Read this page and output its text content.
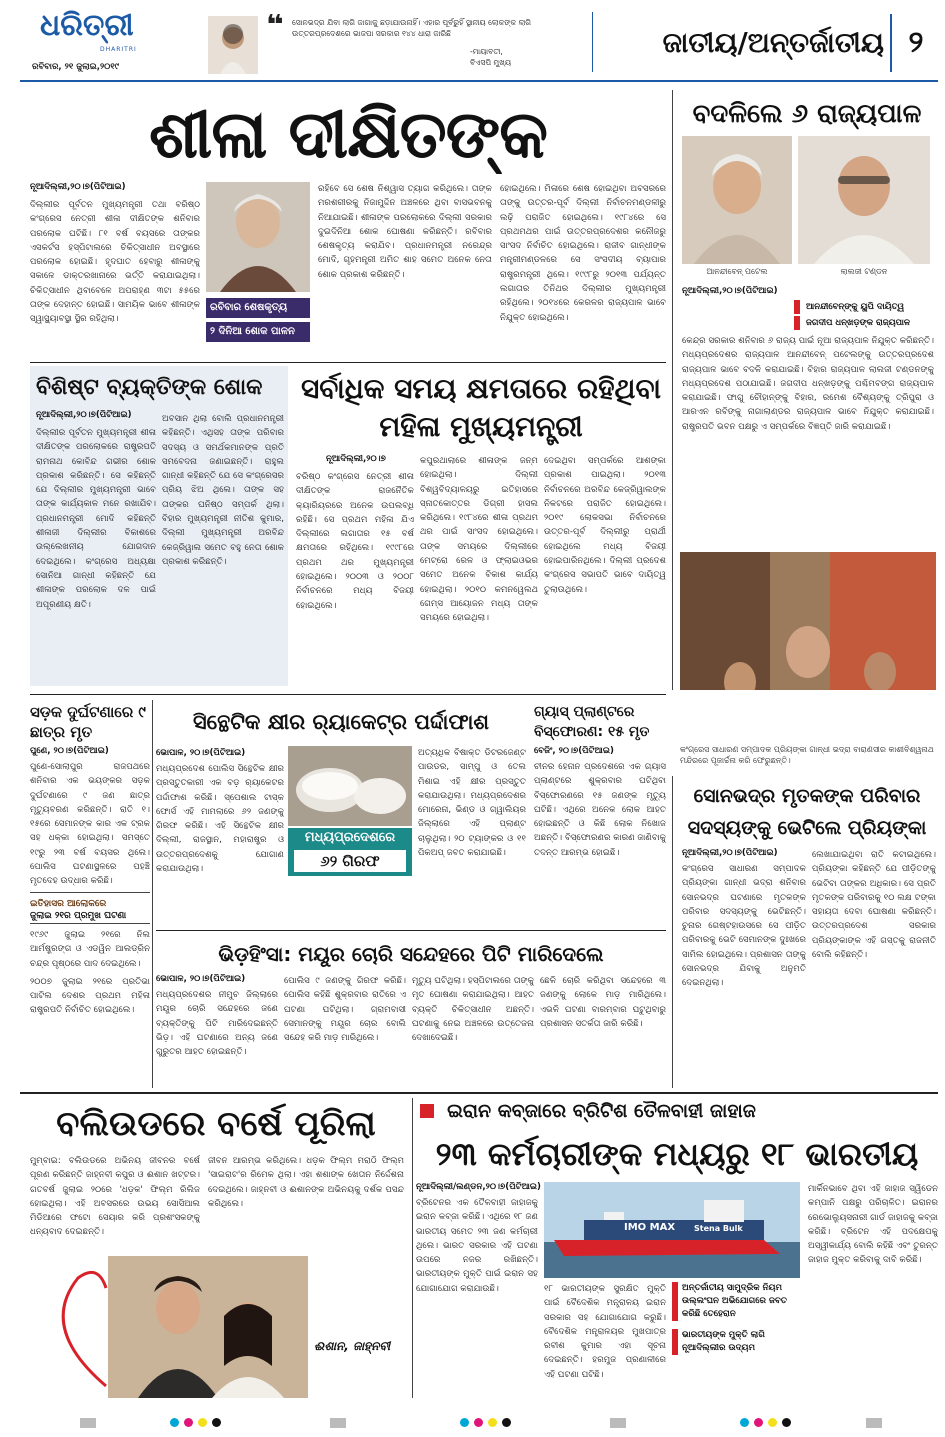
ଧରିତ୍ରୀ
DHARITRI
ରବିବାର, ୨୧ ଜୁଲାଇ,୨୦୧୯
❝	ସୋନଭଦ୍ର ଯିବା ଲାଗି ଜାଗାକୁ ଛଡ଼ାଯାଉନାହିଁ। ଏହାର ପୂର୍ବରୁହିଁ ସ୍ଥାନୀୟ ଲୋକଙ୍କ ଲାଗି ଉତ୍ତରପ୍ରଦେଶରେ ଭାଜପା ସରକାର ୧୪୪ ଧାରା ଜାରିଛି
-ମାୟାବତୀ,
ବିଏସପି ମୁଖ୍ୟ
ଜାତୀୟ/ଅନ୍ତର୍ଜାତୀୟ ୨
ଶୀଳା ଦୀକ୍ଷିତଙ୍କ
ନୂଆଦିଲ୍ଲୀ,୨୦।୭(ପିଟିଆଇ)
ଦିଲ୍ଲୀର ପୂର୍ବତନ ମୁଖ୍ୟମନ୍ତ୍ରୀ ତଥା ବରିଷ୍ଠ କଂଗ୍ରେସ ନେତ୍ରୀ ଶୀଳା ଦୀକ୍ଷିତଙ୍କ ଶନିବାର ପରଲୋକ ଘଟିଛି। ୮୧ ବର୍ଷ ବୟସରେ ତାଙ୍କର ଏସକର୍ଟସ ହସ୍ପିଟାଲରେ ଚିକିତ୍ସାଧୀନ ଅବସ୍ଥାରେ ପରଲୋକ ହୋଇଛି। ହୃଦଘାତ ହେବାରୁ ଶୀଳାଙ୍କୁ ସକାଳେ ଡାକ୍ତରଖାନାରେ ଭର୍ତ୍ତି କରାଯାଇଥିଲା। ଚିକିତ୍ସାଧୀନ ଥିବାବେଳେ ଅପରାହ୍ଣ ୩ଟା ୫୫ରେ ତାଙ୍କ ଦେହାନ୍ତ ହୋଇଛି। ସାମୟିକ ଭାବେ ଶୀଳାଙ୍କ ସ୍ୱାସ୍ଥ୍ୟାବସ୍ଥା ସ୍ଥିର ରହିଥିଲା।
ରବିବାର ଶେଷକୃତ୍ୟ
୨ ଦିନିଆ ଶୋକ ପାଳନ
ରହିବେ ସେ ଶେଷ ନିଶ୍ୱାସ ତ୍ୟାଗ କରିଥିଲେ। ତାଙ୍କ ମରଶରୀରକୁ ନିଜାମୁଦ୍ଦିନ ଅଞ୍ଚଳରେ ଥିବା ବାସଭବନକୁ ନିଆଯାଇଛି। ଶୀଳାଙ୍କ ପରଲୋକରେ ଦିଲ୍ଲୀ ସରକାର ଦୁଇଦିନିଆ ଶୋକ ଘୋଷଣା କରିଛନ୍ତି। ରବିବାର ଶେଷକୃତ୍ୟ କରାଯିବ। ପ୍ରଧାନମନ୍ତ୍ରୀ ନରେନ୍ଦ୍ର ମୋଦି, ଗୃହମନ୍ତ୍ରୀ ଅମିତ ଶାହ ସମେତ ଅନେକ ନେତା ଶୋକ ପ୍ରକାଶ କରିଛନ୍ତି।
ହୋଇଥିଲେ। ମିଳାରେ ଶେଷ ହୋଇଥିବା ଅବସରରେ ତାଙ୍କୁ ଉତ୍ତର-ପୂର୍ବ ଦିଲ୍ଲୀ ନିର୍ବାଚନମଣ୍ଡଳୀରୁ ଲଢ଼ି ପରାଜିତ ହୋଇଥିଲେ। ୧୯୮୪ରେ ସେ ପ୍ରଥମଥର ପାଇଁ ଉତ୍ତରପ୍ରଦେଶର କନୌଜରୁ ସାଂସଦ ନିର୍ବାଚିତ ହୋଇଥିଲେ। ରାଜୀବ ଗାନ୍ଧୀଙ୍କ ମନ୍ତ୍ରୀମଣ୍ଡଳରେ ସେ ସଂସଦୀୟ ବ୍ୟାପାର ରାଷ୍ଟ୍ରମନ୍ତ୍ରୀ ଥିଲେ। ୧୯୯୮ରୁ ୨୦୧୩ ପର୍ଯ୍ୟନ୍ତ ଲଗାତାର ତିନିଥର ଦିଲ୍ଲୀର ମୁଖ୍ୟମନ୍ତ୍ରୀ ରହିଥିଲେ। ୨୦୧୪ରେ କେରଳର ରାଜ୍ୟପାଳ ଭାବେ ନିଯୁକ୍ତ ହୋଇଥିଲେ।
ବିଶିଷ୍ଟ ବ୍ୟକ୍ତିଙ୍କ ଶୋକ
ନୂଆଦିଲ୍ଲୀ,୨୦।୭(ପିଟିଆଇ)
ଦିଲ୍ଲୀର ପୂର୍ବତନ ମୁଖ୍ୟମନ୍ତ୍ରୀ ଶୀଳା ଦୀକ୍ଷିତଙ୍କ ପରଲୋକରେ ରାଷ୍ଟ୍ରପତି ରାମନାଥ କୋବିନ୍ଦ ଗଭୀର ଶୋକ ପ୍ରକାଶ କରିଛନ୍ତି। ସେ କହିଛନ୍ତି ଯେ ଦିଲ୍ଲୀର ମୁଖ୍ୟମନ୍ତ୍ରୀ ଭାବେ ତାଙ୍କ କାର୍ଯ୍ୟକାଳ ମନେ ରଖାଯିବ। ପ୍ରଧାନମନ୍ତ୍ରୀ ମୋଦି କହିଛନ୍ତି ଶୀଳାଜୀ ଦିଲ୍ଲୀର ବିକାଶରେ ଉଲ୍ଲେଖନୀୟ ଯୋଗଦାନ ଦେଇଥିଲେ। କଂଗ୍ରେସ ଅଧ୍ୟକ୍ଷା ସୋନିଆ ଗାନ୍ଧୀ କହିଛନ୍ତି ଯେ ଶୀଳାଙ୍କ ପରଲୋକ ଦଳ ପାଇଁ ଅପୂରଣୀୟ କ୍ଷତି।
ଅବସାନ ଥିଲା ବୋଲି ପ୍ରଧାନମନ୍ତ୍ରୀ କହିଛନ୍ତି। ଏଥିସହ ତାଙ୍କ ପରିବାର ସଦସ୍ୟ ଓ ସମର୍ଥକମାନଙ୍କ ପ୍ରତି ସମବେଦନା ଜଣାଇଛନ୍ତି। ରାହୁଲ ଗାନ୍ଧୀ କହିଛନ୍ତି ଯେ ସେ କଂଗ୍ରେସର ପ୍ରିୟ ଝିଅ ଥିଲେ। ତାଙ୍କ ସହ ତାଙ୍କର ଘନିଷ୍ଠ ସମ୍ପର୍କ ଥିଲା। ବିହାର ମୁଖ୍ୟମନ୍ତ୍ରୀ ନୀତିଶ କୁମାର, ଦିଲ୍ଲୀ ମୁଖ୍ୟମନ୍ତ୍ରୀ ଅରବିନ୍ଦ କେଜ୍ରିୱାଲ ସମେତ ବହୁ ନେତା ଶୋକ ପ୍ରକାଶ କରିଛନ୍ତି।
ସର୍ବାଧିକ ସମୟ କ୍ଷମତାରେ ରହିଥିବା ମହିଳା ମୁଖ୍ୟମନ୍ତ୍ରୀ
ନୂଆଦିଲ୍ଲୀ,୨୦।୭
ବରିଷ୍ଠ କଂଗ୍ରେସ ନେତ୍ରୀ ଶୀଳା ଦୀକ୍ଷିତଙ୍କ ରାଜନୈତିକ କ୍ୟାରିୟରରେ ଅନେକ ଉପଲବ୍ଧି ରହିଛି। ସେ ପ୍ରଥମ ମହିଳା ଯିଏ ଦିଲ୍ଲୀରେ ଲଗାତାର ୧୫ ବର୍ଷ କ୍ଷମତାରେ ରହିଥିଲେ। ୧୯୯୮ରେ ପ୍ରଥମ ଥର ମୁଖ୍ୟମନ୍ତ୍ରୀ ହୋଇଥିଲେ। ୨୦୦୩ ଓ ୨୦୦୮ ନିର୍ବାଚନରେ ମଧ୍ୟ ବିଜୟୀ ହୋଇଥିଲେ।
କପୁରଥାଲାରେ ଶୀଳାଙ୍କ ଜନ୍ମ ହୋଇଥିଲା। ଦିଲ୍ଲୀ ବିଶ୍ୱବିଦ୍ୟାଳୟରୁ ଇତିହାସରେ ସ୍ନାତକୋତ୍ତର ଡିଗ୍ରୀ ହାସଲ କରିଥିଲେ। ୧୯୮୪ରେ ଶୀଳା ପ୍ରଥମ ଥର ପାଇଁ ସାଂସଦ ହୋଇଥିଲେ। ତାଙ୍କ ସମୟରେ ଦିଲ୍ଲୀରେ ମେଟ୍ରୋ ରେଳ ଓ ଫ୍ଲାଇଓଭର ସମେତ ଅନେକ ବିକାଶ କାର୍ଯ୍ୟ ହୋଇଥିଲା। ୨୦୧୦ କମନୱେଲଥ ଗେମ୍ସ ଆୟୋଜନ ମଧ୍ୟ ତାଙ୍କ ସମୟରେ ହୋଇଥିଲା।
ଦେଇଥିବା ସମ୍ପର୍କରେ ଆଶଙ୍କା ପ୍ରକାଶ ପାଇଥିଲା। ୨୦୧୩ ନିର୍ବାଚନରେ ଅରବିନ୍ଦ କେଜ୍ରିୱାଲଙ୍କ ନିକଟରେ ପରାଜିତ ହୋଇଥିଲେ। ୨୦୧୯ ଲୋକସଭା ନିର୍ବାଚନରେ ଉତ୍ତର-ପୂର୍ବ ଦିଲ୍ଲୀରୁ ପ୍ରାର୍ଥୀ ହୋଇଥିଲେ ମଧ୍ୟ ବିଜୟୀ ହୋଇପାରିନଥିଲେ। ଦିଲ୍ଲୀ ପ୍ରଦେଶ କଂଗ୍ରେସ ସଭାପତି ଭାବେ ଦାୟିତ୍ୱ ତୁଲାଉଥିଲେ।
ବଦଳିଲେ ୬ ରାଜ୍ୟପାଳ
ଆନନ୍ଦୀବେନ୍ ପଟେଲ	ଲାଲଜୀ ଟଣ୍ଡନ
ନୂଆଦିଲ୍ଲୀ,୨୦।୭(ପିଟିଆଇ)
ଆନନ୍ଦୀବେନ୍ଙ୍କୁ ୟୁପି ଦାୟିତ୍ୱ
ଜଗଦୀପ ଧନ୍ଖଡ଼ଙ୍କ ରାଜ୍ୟପାଳ
କେନ୍ଦ୍ର ସରକାର ଶନିବାର ୬ ରାଜ୍ୟ ପାଇଁ ନୂଆ ରାଜ୍ୟପାଳ ନିଯୁକ୍ତ କରିଛନ୍ତି। ମଧ୍ୟପ୍ରଦେଶର ରାଜ୍ୟପାଳ ଆନନ୍ଦୀବେନ୍ ପଟେଲଙ୍କୁ ଉତ୍ତରପ୍ରଦେଶ ରାଜ୍ୟପାଳ ଭାବେ ବଦଳି କରାଯାଇଛି। ବିହାର ରାଜ୍ୟପାଳ ଲାଲଜୀ ଟଣ୍ଡନଙ୍କୁ ମଧ୍ୟପ୍ରଦେଶ ପଠାଯାଇଛି। ଜଗଦୀପ ଧନ୍ଖଡ଼ଙ୍କୁ ପଶ୍ଚିମବଙ୍ଗ ରାଜ୍ୟପାଳ କରାଯାଇଛି। ଫାଗୁ ଚୌହାନ୍ଙ୍କୁ ବିହାର, ରମେଶ ବୈଶ୍ୟଙ୍କୁ ତ୍ରିପୁରା ଓ ଆରଏନ ରବିଙ୍କୁ ନାଗାଲାଣ୍ଡର ରାଜ୍ୟପାଳ ଭାବେ ନିଯୁକ୍ତ କରାଯାଇଛି। ରାଷ୍ଟ୍ରପତି ଭବନ ପକ୍ଷରୁ ଏ ସମ୍ପର୍କରେ ବିଜ୍ଞପ୍ତି ଜାରି କରାଯାଇଛି।
କଂଗ୍ରେସ ସାଧାରଣ ସମ୍ପାଦକ ପ୍ରିୟଙ୍କା ଗାନ୍ଧୀ ଭଦ୍ରା ବାରାଣସୀର କାଶୀବିଶ୍ୱନାଥ ମନ୍ଦିରରେ ପୂଜାର୍ଚ୍ଚନା କରି ଫେରୁଛନ୍ତି।
ସଡ଼କ ଦୁର୍ଘଟଣାରେ ୯ ଛାତ୍ର ମୃତ
ପୁଣେ, ୨୦।୭(ପିଟିଆଇ)
ପୁଣେ-ସୋଲାପୁର ରାଜପଥରେ ଶନିବାର ଏକ ଭୟଙ୍କର ସଡ଼କ ଦୁର୍ଘଟଣାରେ ୯ ଜଣ ଛାତ୍ର ମୃତ୍ୟୁବରଣ କରିଛନ୍ତି। ରାତି ୧।୧୫ରେ ସେମାନଙ୍କ କାର ଏକ ଟ୍ରକ ସହ ଧକ୍କା ହୋଇଥିଲା। ସମସ୍ତେ ୧୯ରୁ ୨୩ ବର୍ଷ ବୟସର ଥିଲେ। ପୋଲିସ ଘଟଣାସ୍ଥଳରେ ପହଞ୍ଚି ମୃତଦେହ ଉଦ୍ଧାର କରିଛି।
ଇତିହାସର ଆଲୋକରେ
ଜୁଲାଇ ୨୧ର ପ୍ରମୁଖ ଘଟଣା
୧୯୬୯ ଜୁଲାଇ ୨୧ରେ ନିଲ ଆର୍ମଷ୍ଟ୍ରଙ୍ଗ ଓ ଏଡୱିନ ଆଲଡ୍ରିନ ଚନ୍ଦ୍ର ପୃଷ୍ଠରେ ପାଦ ଦେଇଥିଲେ।
୨୦୦୭ ଜୁଲାଇ ୨୧ରେ ପ୍ରତିଭା ପାଟିଲ ଦେଶର ପ୍ରଥମ ମହିଳା ରାଷ୍ଟ୍ରପତି ନିର୍ବାଚିତ ହୋଇଥିଲେ।
ସିନ୍ଥେଟିକ କ୍ଷୀର ର‌୍ୟାକେଟ୍‌ର ପର୍ଦ୍ଦାଫାଶ
ମଧ୍ୟପ୍ରଦେଶରେ
୬୨ ଗିରଫ
ଭୋପାଳ, ୨୦।୭(ପିଟିଆଇ)
ମଧ୍ୟପ୍ରଦେଶ ପୋଲିସ ସିନ୍ଥେଟିକ କ୍ଷୀର ପ୍ରସ୍ତୁତକାରୀ ଏକ ବଡ଼ ର‌୍ୟାକେଟର ପର୍ଦ୍ଦାଫାଶ କରିଛି। ସ୍ପେଶାଲ ଟାସ୍କ ଫୋର୍ସ ଏହି ମାମଲାରେ ୬୨ ଜଣଙ୍କୁ ଗିରଫ କରିଛି। ଏହି ସିନ୍ଥେଟିକ କ୍ଷୀର ଦିଲ୍ଲୀ, ରାଜସ୍ଥାନ, ମହାରାଷ୍ଟ୍ର ଓ ଉତ୍ତରପ୍ରଦେଶକୁ ଯୋଗାଣ କରାଯାଉଥିଲା।
ଅତ୍ୟଧିକ ବିଷାକ୍ତ ଡିଟରଜେଣ୍ଟ ପାଉଡର, ସାମ୍ପୁ ଓ ତେଲ ମିଶାଇ ଏହି କ୍ଷୀର ପ୍ରସ୍ତୁତ କରାଯାଉଥିଲା। ମଧ୍ୟପ୍ରଦେଶର ମୋରେନା, ଭିଣ୍ଡ ଓ ଗ୍ୱାଲିୟର ଜିଲ୍ଲାରେ ଏହି ପ୍ଲାଣ୍ଟ ଚାଲୁଥିଲା। ୨୦ ଟ୍ୟାଙ୍କର ଓ ୧୧ ପିକଅପ୍ ଜବତ କରାଯାଇଛି।
ଗ୍ୟାସ୍ ପ୍ଲାଣ୍ଟରେ ବିସ୍ଫୋରଣ: ୧୫ ମୃତ
ବେଜିଂ, ୨୦।୭(ପିଟିଆଇ)
ଚୀନର ହେନାନ ପ୍ରଦେଶରେ ଏକ ଗ୍ୟାସ ପ୍ଲାଣ୍ଟରେ ଶୁକ୍ରବାର ଘଟିଥିବା ବିସ୍ଫୋରଣରେ ୧୫ ଜଣଙ୍କ ମୃତ୍ୟୁ ଘଟିଛି। ଏଥିରେ ଅନେକ ଲୋକ ଆହତ ହୋଇଛନ୍ତି ଓ କିଛି ଲୋକ ନିଖୋଜ ଅଛନ୍ତି। ବିସ୍ଫୋରଣର କାରଣ ଜାଣିବାକୁ ତଦନ୍ତ ଆରମ୍ଭ ହୋଇଛି।
ଭିଡ଼ହିଂସା: ମୟୂର ଚୋରି ସନ୍ଦେହରେ ପିଟି ମାରିଦେଲେ
ଭୋପାଳ, ୨୦।୭(ପିଟିଆଇ)
ମଧ୍ୟପ୍ରଦେଶର ନୀମୁଚ ଜିଲ୍ଲାରେ ମୟୂର ଚୋରି ସନ୍ଦେହରେ ଜଣେ ବ୍ୟକ୍ତିଙ୍କୁ ପିଟି ମାରିଦେଇଛନ୍ତି ଭିଡ଼। ଏହି ଘଟଣାରେ ଅନ୍ୟ ଜଣେ ଗୁରୁତର ଆହତ ହୋଇଛନ୍ତି।
ପୋଲିସ ୯ ଜଣଙ୍କୁ ଗିରଫ କରିଛି। ପୋଲିସ କହିଛି ଶୁକ୍ରବାର ରାତିରେ ଏ ଘଟଣା ଘଟିଥିଲା। ଗ୍ରାମବାସୀ ସେମାନଙ୍କୁ ମୟୂର ଚୋର ବୋଲି ସନ୍ଦେହ କରି ମାଡ଼ ମାରିଥିଲେ।
ମୃତ୍ୟୁ ଘଟିଥିଲା। ହସ୍ପିଟାଲରେ ତାଙ୍କୁ ମୃତ ଘୋଷଣା କରାଯାଇଥିଲା। ଆହତ ବ୍ୟକ୍ତି ଚିକିତ୍ସାଧୀନ ଅଛନ୍ତି। ଘଟଣାକୁ ନେଇ ଅଞ୍ଚଳରେ ଉତ୍ତେଜନା ଦେଖାଦେଇଛି।
ଛେଳି ଚୋରି କରିଥିବା ସନ୍ଦେହରେ ୩ ଜଣଙ୍କୁ ଲୋକେ ମାଡ଼ ମାରିଥିଲେ। ଏଭଳି ଘଟଣା ବାରମ୍ବାର ଘଟୁଥିବାରୁ ପ୍ରଶାସନ ସତର୍କତା ଜାରି କରିଛି।
ସୋନଭଦ୍ର ମୃତକଙ୍କ ପରିବାର ସଦସ୍ୟଙ୍କୁ ଭେଟିଲେ ପ୍ରିୟଙ୍କା
ନୂଆଦିଲ୍ଲୀ,୨୦।୭(ପିଟିଆଇ)
କଂଗ୍ରେସ ସାଧାରଣ ସମ୍ପାଦକ ପ୍ରିୟଙ୍କା ଗାନ୍ଧୀ ଭଦ୍ରା ଶନିବାର ସୋନଭଦ୍ର ଘଟଣାରେ ମୃତକଙ୍କ ପରିବାର ସଦସ୍ୟଙ୍କୁ ଭେଟିଛନ୍ତି। ଚୁନାର ଗେଷ୍ଟହାଉସରେ ସେ ପୀଡ଼ିତ ପରିବାରକୁ ଭେଟି ସେମାନଙ୍କ ଦୁଃଖରେ ସାମିଲ ହୋଇଥିଲେ। ପ୍ରଶାସନ ତାଙ୍କୁ ସୋନଭଦ୍ର ଯିବାକୁ ଅନୁମତି ଦେଇନଥିଲା।
ଲେଖାଯାଇଥିବା ରାତି କଟାଇଥିଲେ। ପ୍ରିୟଙ୍କା କହିଛନ୍ତି ଯେ ପୀଡ଼ିତଙ୍କୁ ଭେଟିବା ତାଙ୍କର ଅଧିକାର। ସେ ପ୍ରତି ମୃତକଙ୍କ ପରିବାରକୁ ୧୦ ଲକ୍ଷ ଟଙ୍କା ସହାୟତା ଦେବା ଘୋଷଣା କରିଛନ୍ତି। ଉତ୍ତରପ୍ରଦେଶ ସରକାର ପ୍ରିୟଙ୍କାଙ୍କ ଏହି ଗସ୍ତକୁ ରାଜନୀତି ବୋଲି କହିଛନ୍ତି।
ବଲିଉଡରେ ବର୍ଷେ ପୂରିଲା
ମୁମ୍ବାଇ: ବଲିଉଡରେ ଅଭିନୟ ଜୀବନର ବର୍ଷେ ପୂରଣ କରିଛନ୍ତି ଜାହ୍ନବୀ କପୁର ଓ ଈଶାନ ଖଟ୍ଟର। ଗତବର୍ଷ ଜୁଲାଇ ୨୦ରେ 'ଧଡ଼କ' ଫିଲ୍ମ ରିଲିଜ ହୋଇଥିଲା। ଏହି ଅବସରରେ ଉଭୟ ସୋସିଆଲ ମିଡିଆରେ ଫଟୋ ସେୟାର କରି ପ୍ରଶଂସକଙ୍କୁ ଧନ୍ୟବାଦ ଦେଇଛନ୍ତି।
ଜୀବନ ଆରମ୍ଭ କରିଥିଲେ। ଧଡ଼କ ଫିଲ୍ମ ମରାଠି ଫିଲ୍ମ 'ସାଇରାଟ'ର ରିମେକ ଥିଲା। ଏହା ଶଶାଙ୍କ ଖେତାନ ନିର୍ଦ୍ଦେଶନା ଦେଇଥିଲେ। ଜାହ୍ନବୀ ଓ ଈଶାନଙ୍କ ଅଭିନୟକୁ ଦର୍ଶକ ପସନ୍ଦ କରିଥିଲେ।
ଈଶାନ, ଜାହ୍ନବୀ
ଇରାନ କବ୍ଜାରେ ବ୍ରିଟିଶ ତୈଳବାହୀ ଜାହାଜ
୨୩ କର୍ମଚାରୀଙ୍କ ମଧ୍ୟରୁ ୧୮ ଭାରତୀୟ
ନୂଆଦିଲ୍ଲୀ/ଲଣ୍ଡନ,୨୦।୭(ପିଟିଆଇ)
ବ୍ରିଟେନର ଏକ ତୈଳବାହୀ ଜାହାଜକୁ ଇରାନ କବ୍ଜା କରିଛି। ଏଥିରେ ୧୮ ଜଣ ଭାରତୀୟ ସମେତ ୨୩ ଜଣ କର୍ମଚାରୀ ଥିଲେ। ଭାରତ ସରକାର ଏହି ଘଟଣା ଉପରେ ନଜର ରଖିଛନ୍ତି। ଭାରତୀୟଙ୍କ ମୁକ୍ତି ପାଇଁ ଇରାନ ସହ ଯୋଗାଯୋଗ କରାଯାଉଛି।
IMO MAX Stena Bulk
୧୮ ଭାରତୀୟଙ୍କ ସୁରକ୍ଷିତ ମୁକ୍ତି ପାଇଁ ବୈଦେଶିକ ମନ୍ତ୍ରାଳୟ ଇରାନ ସରକାର ସହ ଯୋଗାଯୋଗ କରୁଛି। ବୈଦେଶିକ ମନ୍ତ୍ରାଳୟର ମୁଖପାତ୍ର ରବୀଶ କୁମାର ଏହା ସୂଚନା ଦେଇଛନ୍ତି। ହରମୁଜ ପ୍ରଣାଳୀରେ ଏହି ଘଟଣା ଘଟିଛି।
ଅନ୍ତର୍ଜାତୀୟ ସାମୁଦ୍ରିକ ନିୟମ ଉଲ୍ଲଂଘନ ଅଭିଯୋଗରେ ଜବତ କରିଛି ତେହେରାନ
ଭାରତୀୟଙ୍କ ମୁକ୍ତି ଲାଗି ନୂଆଦିଲ୍ଲୀର ଉଦ୍ୟମ
ମାର୍କିନଭାବେ ଥିବା ଏହି ଜାହାଜ ସ୍ୱିଡେନ କମ୍ପାନି ପକ୍ଷରୁ ପରିଚାଳିତ। ଇରାନର ରେଭୋଲ୍ୟୁସନାରୀ ଗାର୍ଡ ଜାହାଜକୁ କବ୍ଜା କରିଛି। ବ୍ରିଟେନ ଏହି ପଦକ୍ଷେପକୁ ଅସ୍ୱୀକାର୍ଯ୍ୟ ବୋଲି କହିଛି ଏବଂ ତୁରନ୍ତ ଜାହାଜ ମୁକ୍ତ କରିବାକୁ ଦାବି କରିଛି।
